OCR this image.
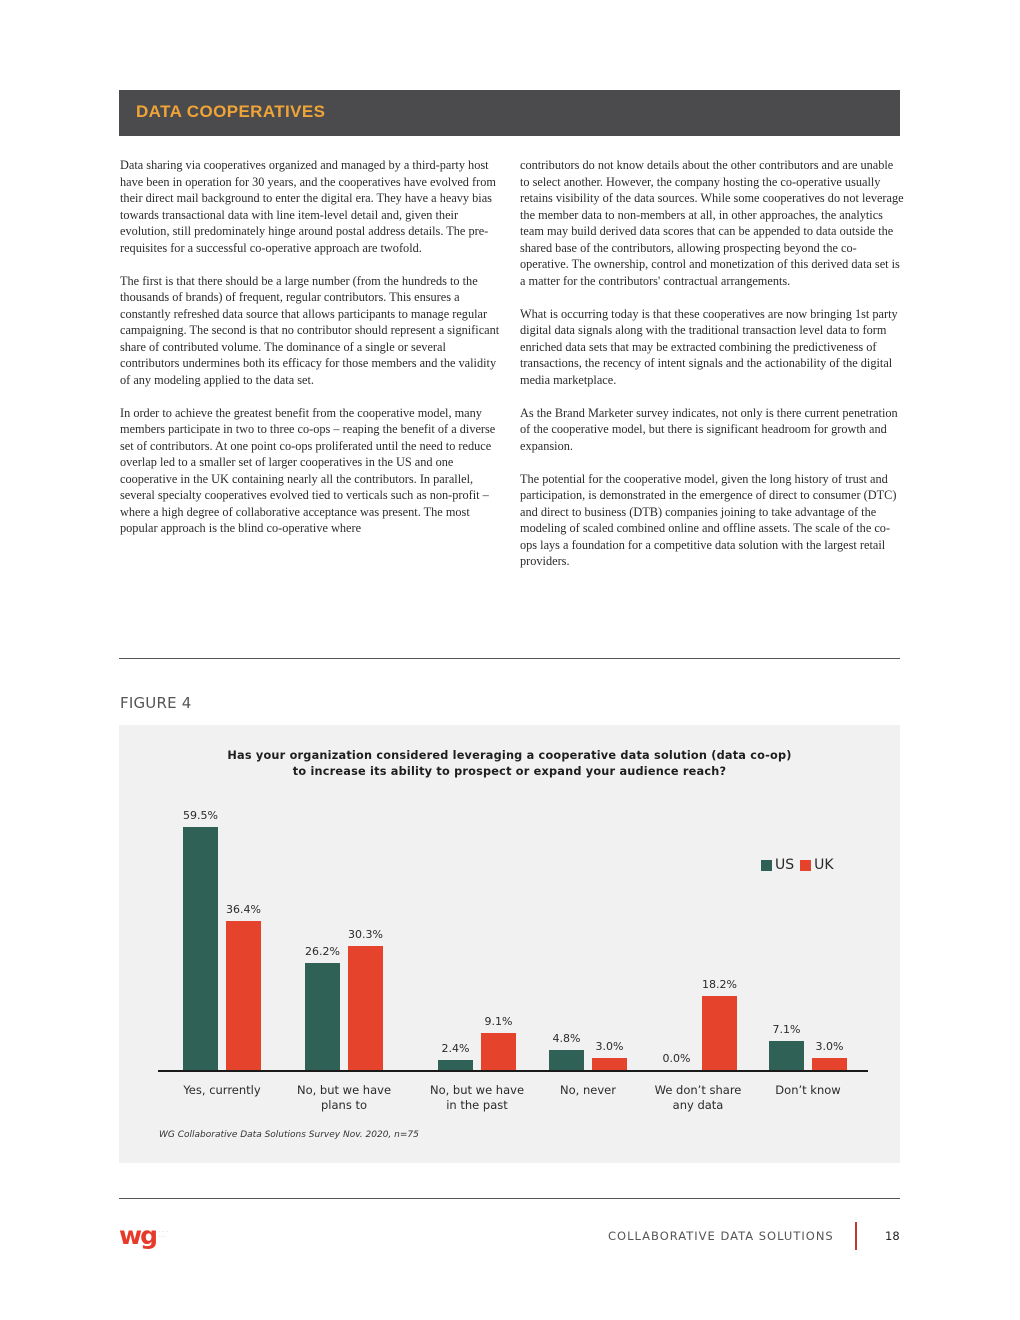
DATA COOPERATIVES

Data sharing via cooperatives organized and managed by a third-party host have been in operation for 30 years, and the cooperatives have evolved from their direct mail background to enter the digital era. They have a heavy bias towards transactional data with line item-level detail and, given their evolution, still predominately hinge around postal address details. The pre-requisites for a successful co-operative approach are twofold.

The first is that there should be a large number (from the hundreds to the thousands of brands) of frequent, regular contributors. This ensures a constantly refreshed data source that allows participants to manage regular campaigning. The second is that no contributor should represent a significant share of contributed volume. The dominance of a single or several contributors undermines both its efficacy for those members and the validity of any modeling applied to the data set.

In order to achieve the greatest benefit from the cooperative model, many members participate in two to three co-ops – reaping the benefit of a diverse set of contributors. At one point co-ops proliferated until the need to reduce overlap led to a smaller set of larger cooperatives in the US and one cooperative in the UK containing nearly all the contributors. In parallel, several specialty cooperatives evolved tied to verticals such as non-profit – where a high degree of collaborative acceptance was present. The most popular approach is the blind co-operative where

contributors do not know details about the other contributors and are unable to select another. However, the company hosting the co-operative usually retains visibility of the data sources. While some cooperatives do not leverage the member data to non-members at all, in other approaches, the analytics team may build derived data scores that can be appended to data outside the shared base of the contributors, allowing prospecting beyond the co-operative. The ownership, control and monetization of this derived data set is a matter for the contributors' contractual arrangements.

What is occurring today is that these cooperatives are now bringing 1st party digital data signals along with the traditional transaction level data to form enriched data sets that may be extracted combining the predictiveness of transactions, the recency of intent signals and the actionability of the digital media marketplace.

As the Brand Marketer survey indicates, not only is there current penetration of the cooperative model, but there is significant headroom for growth and expansion.

The potential for the cooperative model, given the long history of trust and participation, is demonstrated in the emergence of direct to consumer (DTC) and direct to business (DTB) companies joining to take advantage of the modeling of scaled combined online and offline assets. The scale of the co-ops lays a foundation for a competitive data solution with the largest retail providers.

FIGURE 4
Has your organization considered leveraging a cooperative data solution (data co-op)
to increase its ability to prospect or expand your audience reach?
US UK
59.5%
36.4%
Yes, currently
26.2%
30.3%
No, but we have
plans to
2.4%
9.1%
No, but we have
in the past
4.8%
3.0%
No, never
0.0%
18.2%
We don’t share
any data
7.1%
3.0%
Don’t know
WG Collaborative Data Solutions Survey Nov. 2020, n=75
wg · · · ·
· · ·	COLLABORATIVE DATA SOLUTIONS	18
